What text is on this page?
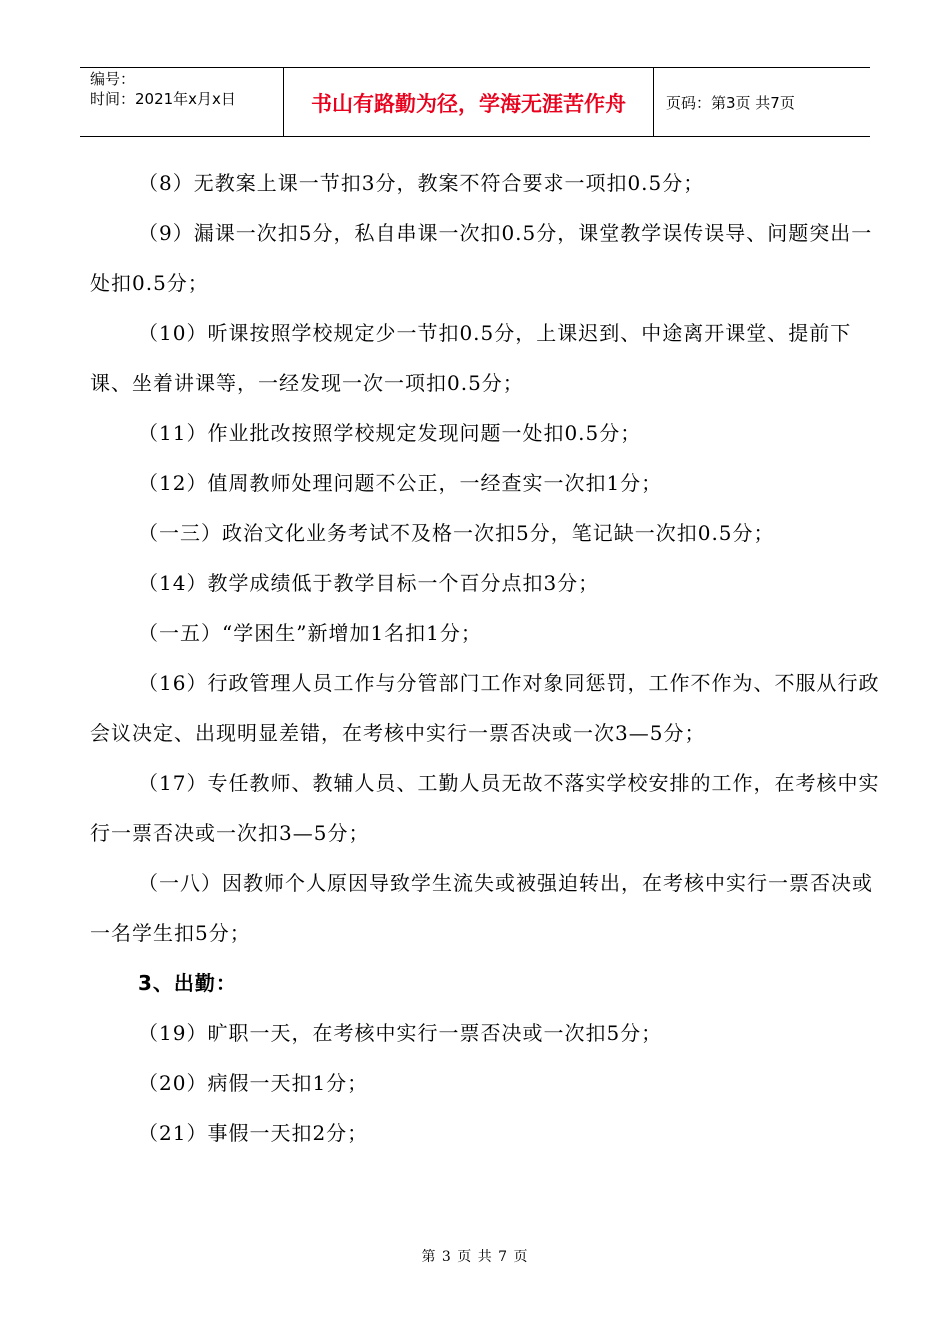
编号：
时间：2021年x月x日	书山有路勤为径，学海无涯苦作舟	页码：第3页 共7页

（8）无教案上课一节扣3分，教案不符合要求一项扣0.5分；

（9）漏课一次扣5分，私自串课一次扣0.5分，课堂教学误传误导、问题突出一处扣0.5分；

（10）听课按照学校规定少一节扣0.5分，上课迟到、中途离开课堂、提前下课、坐着讲课等，一经发现一次一项扣0.5分；

（11）作业批改按照学校规定发现问题一处扣0.5分；

（12）值周教师处理问题不公正，一经查实一次扣1分；

（一三）政治文化业务考试不及格一次扣5分，笔记缺一次扣0.5分；

（14）教学成绩低于教学目标一个百分点扣3分；

（一五）“学困生”新增加1名扣1分；

（16）行政管理人员工作与分管部门工作对象同惩罚，工作不作为、不服从行政会议决定、出现明显差错，在考核中实行一票否决或一次3—5分；

（17）专任教师、教辅人员、工勤人员无故不落实学校安排的工作，在考核中实行一票否决或一次扣3—5分；

（一八）因教师个人原因导致学生流失或被强迫转出，在考核中实行一票否决或一名学生扣5分；

3、出勤：

（19）旷职一天，在考核中实行一票否决或一次扣5分；

（20）病假一天扣1分；

（21）事假一天扣2分；

第 3 页 共 7 页
